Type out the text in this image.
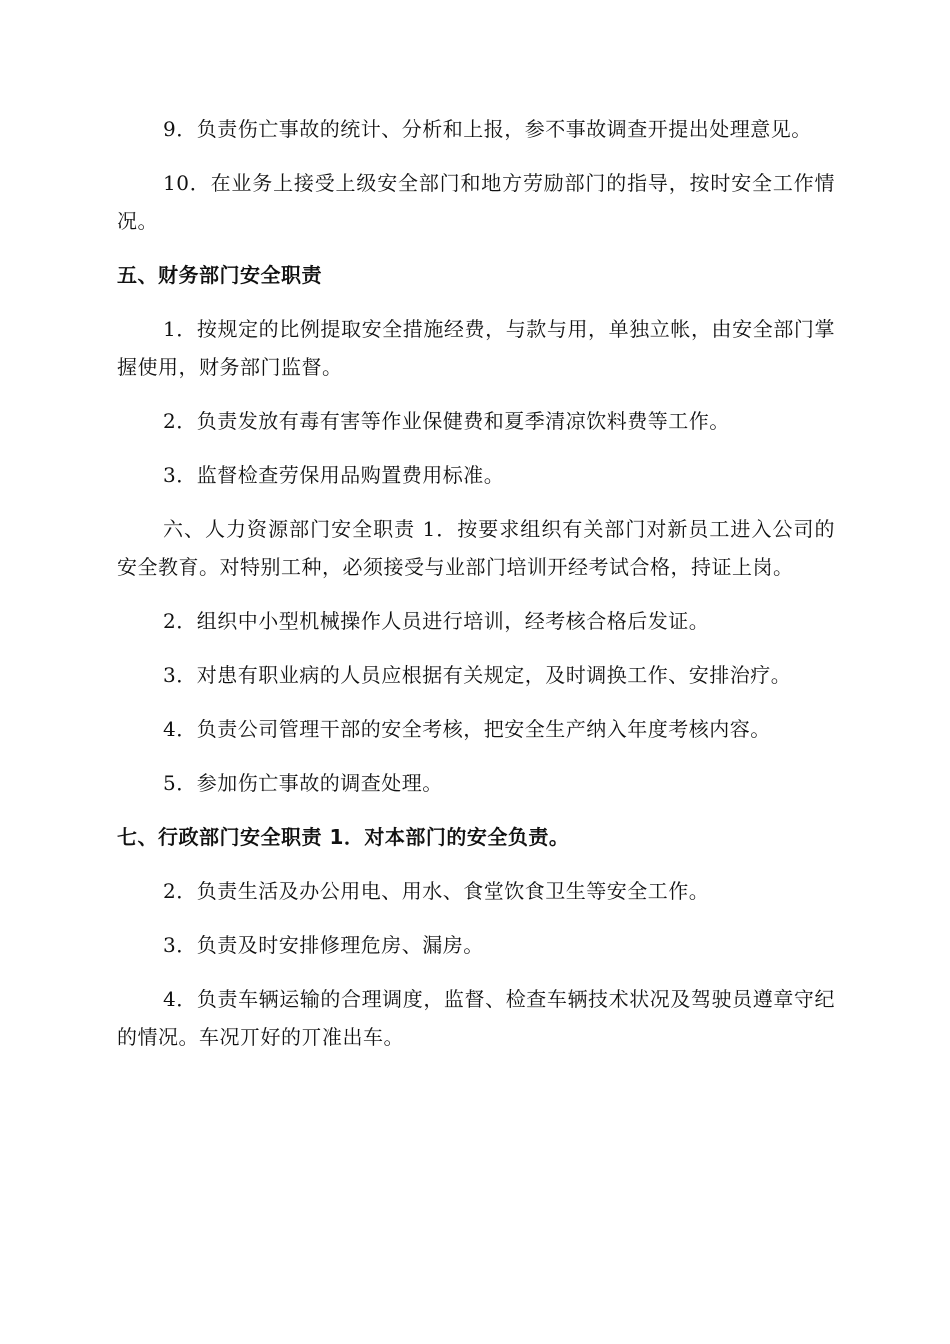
9．负责伤亡事故的统计、分析和上报，参不事故调查开提出处理意见。

10．在业务上接受上级安全部门和地方劳励部门的指导，按时安全工作情况。

五、财务部门安全职责

1．按规定的比例提取安全措施经费，与款与用，单独立帐，由安全部门掌握使用，财务部门监督。

2．负责发放有毒有害等作业保健费和夏季清凉饮料费等工作。

3．监督检查劳保用品购置费用标准。

六、人力资源部门安全职责 1．按要求组织有关部门对新员工进入公司的安全教育。对特别工种，必须接受与业部门培训开经考试合格，持证上岗。

2．组织中小型机械操作人员进行培训，经考核合格后发证。

3．对患有职业病的人员应根据有关规定，及时调换工作、安排治疗。

4．负责公司管理干部的安全考核，把安全生产纳入年度考核内容。

5．参加伤亡事故的调查处理。

七、行政部门安全职责 1．对本部门的安全负责。

2．负责生活及办公用电、用水、食堂饮食卫生等安全工作。

3．负责及时安排修理危房、漏房。

4．负责车辆运输的合理调度，监督、检查车辆技术状况及驾驶员遵章守纪的情况。车况丌好的丌准出车。
